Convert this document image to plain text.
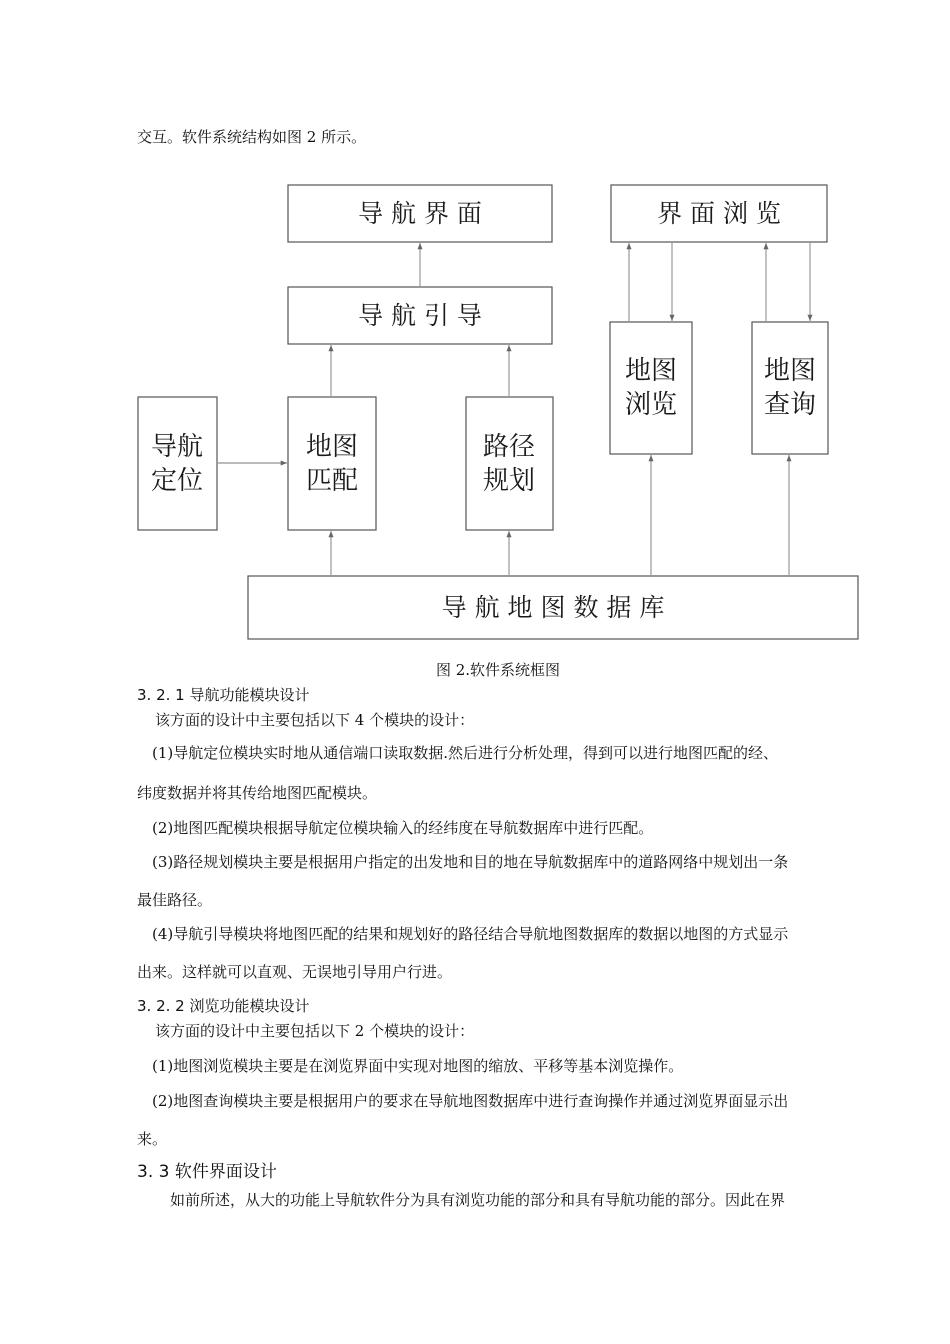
交互。软件系统结构如图 2 所示。

导 航 界 面	界 面 浏 览
导 航 引 导
地图
浏览
地图
查询
导航
定位
地图
匹配
路径
规划
导 航 地 图 数 据 库

图 2.软件系统框图

3. 2. 1 导航功能模块设计

该方面的设计中主要包括以下 4 个模块的设计：

(1)导航定位模块实时地从通信端口读取数据.然后进行分析处理，得到可以进行地图匹配的经、

纬度数据并将其传给地图匹配模块。

(2)地图匹配模块根据导航定位模块输入的经纬度在导航数据库中进行匹配。

(3)路径规划模块主要是根据用户指定的出发地和目的地在导航数据库中的道路网络中规划出一条

最佳路径。

(4)导航引导模块将地图匹配的结果和规划好的路径结合导航地图数据库的数据以地图的方式显示

出来。这样就可以直观、无误地引导用户行进。

3. 2. 2 浏览功能模块设计

该方面的设计中主要包括以下 2 个模块的设计：

(1)地图浏览模块主要是在浏览界面中实现对地图的缩放、平移等基本浏览操作。

(2)地图查询模块主要是根据用户的要求在导航地图数据库中进行查询操作并通过浏览界面显示出

来。

3. 3 软件界面设计

如前所述，从大的功能上导航软件分为具有浏览功能的部分和具有导航功能的部分。因此在界
